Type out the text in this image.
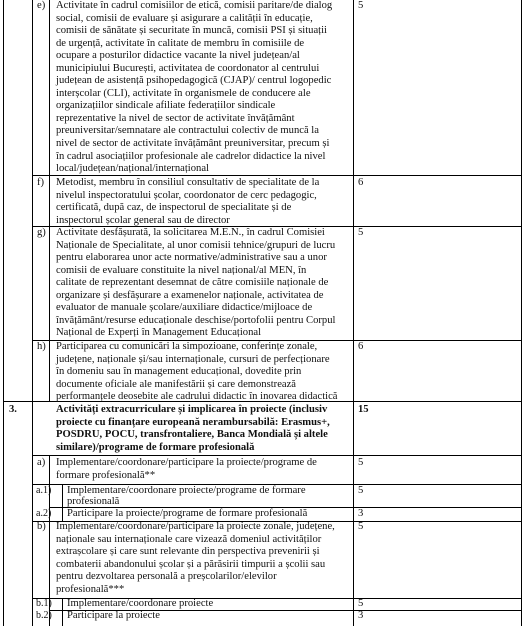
e) Activitate în cadrul comisiilor de etică, comisii paritare/de dialog
social, comisii de evaluare și asigurare a calității în educație,
comisii de sănătate și securitate în muncă, comisii PSI și situații
de urgență, activitate în calitate de membru în comisiile de
ocupare a posturilor didactice vacante la nivel județean/al
municipiului București, activitatea de coordonator al centrului
județean de asistență psihopedagogică (CJAP)/ centrul logopedic
interșcolar (CLI), activitate în organismele de conducere ale
organizațiilor sindicale afiliate federațiilor sindicale
reprezentative la nivel de sector de activitate învățământ
preuniversitar/semnatare ale contractului colectiv de muncă la
nivel de sector de activitate învățământ preuniversitar, precum și
în cadrul asociațiilor profesionale ale cadrelor didactice la nivel
local/județean/național/internațional
5
f) Metodist, membru în consiliul consultativ de specialitate de la
nivelul inspectoratului școlar, coordonator de cerc pedagogic,
certificată, după caz, de inspectorul de specialitate și de
inspectorul școlar general sau de director
6
g) Activitate desfășurată, la solicitarea M.E.N., în cadrul Comisiei
Naționale de Specialitate, al unor comisii tehnice/grupuri de lucru
pentru elaborarea unor acte normative/administrative sau a unor
comisii de evaluare constituite la nivel național/al MEN, în
calitate de reprezentant desemnat de către comisiile naționale de
organizare și desfășurare a examenelor naționale, activitatea de
evaluator de manuale școlare/auxiliare didactice/mijloace de
învățământ/resurse educaționale deschise/portofolii pentru Corpul
Național de Experți în Management Educațional
5
h) Participarea cu comunicări la simpozioane, conferințe zonale,
județene, naționale și/sau internaționale, cursuri de perfecționare
în domeniu sau în management educațional, dovedite prin
documente oficiale ale manifestării și care demonstrează
performanțele deosebite ale cadrului didactic în inovarea didactică
6
3.	Activități extracurriculare și implicarea în proiecte (inclusiv
proiecte cu finanțare europeană nerambursabilă: Erasmus+,
POSDRU, POCU, transfrontaliere, Banca Mondială și altele
similare)/programe de formare profesională
15
a) Implementare/coordonare/participare la proiecte/programe de
formare profesională**
5
a.1) Implementare/coordonare proiecte/programe de formare
profesională
5
a.2) Participare la proiecte/programe de formare profesională	3
b) Implementare/coordonare/participare la proiecte zonale, județene,
naționale sau internaționale care vizează domeniul activităților
extrașcolare și care sunt relevante din perspectiva prevenirii și
combaterii abandonului școlar și a părăsirii timpurii a școlii sau
pentru dezvoltarea personală a preșcolarilor/elevilor
profesională***
5
b.1) Implementare/coordonare proiecte	5
b.2) Participare la proiecte	3
